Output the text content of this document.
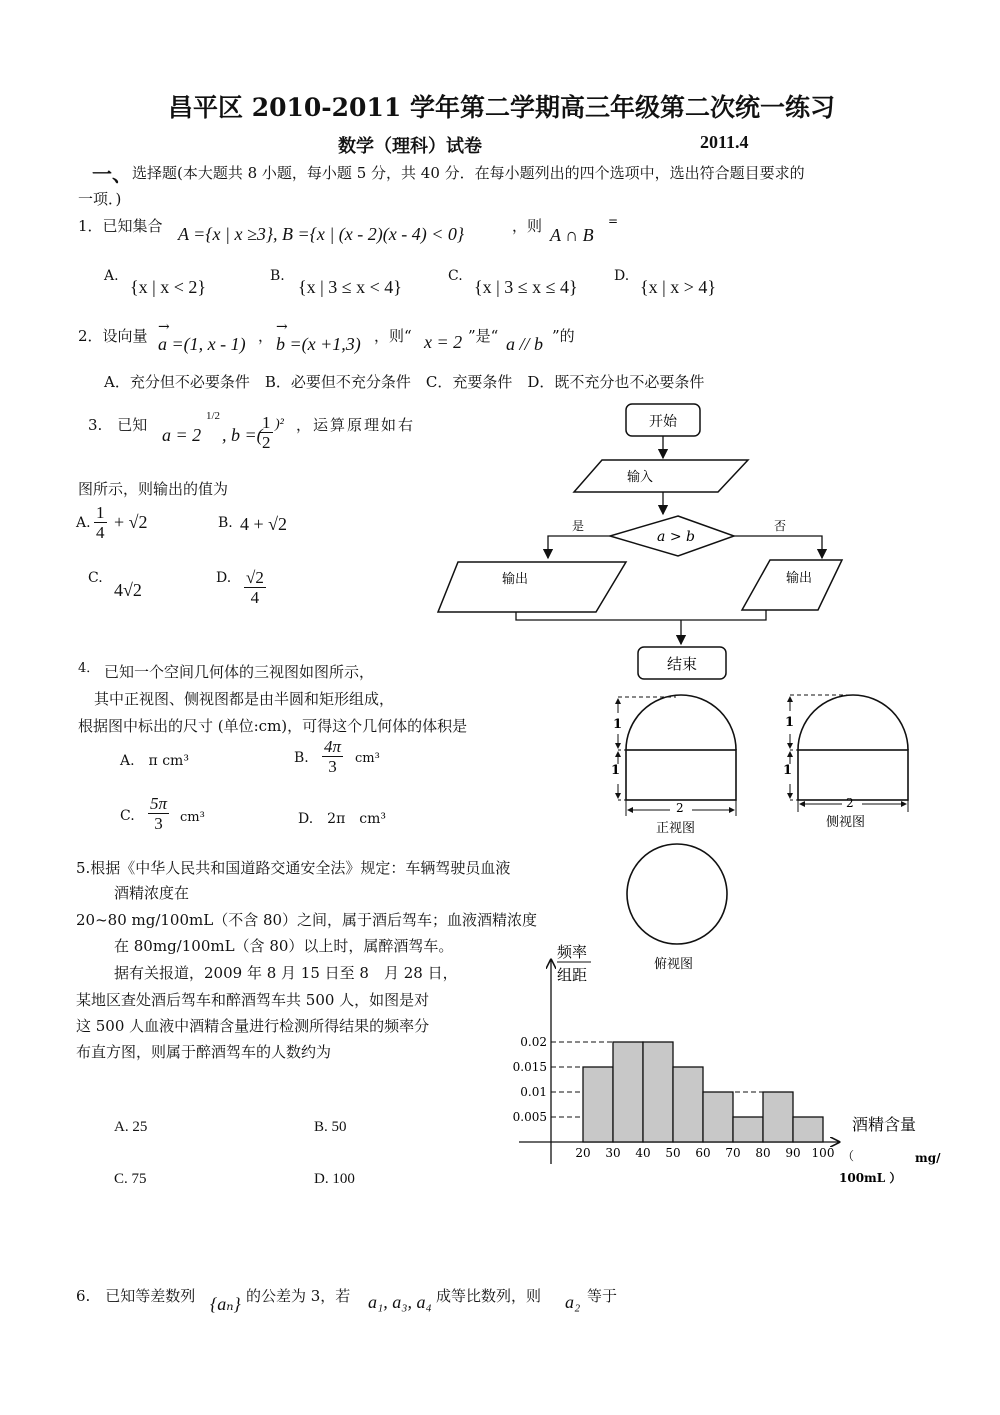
昌平区 2010-2011 学年第二学期高三年级第二次统一练习
数学（理科）试卷	2011.4
一、 选择题(本大题共 8 小题，每小题 5 分，共 40 分．在每小题列出的四个选项中，选出符合题目要求的
一项．)
1．已知集合 A ={x | x ≥3}, B ={x | (x - 2)(x - 4) < 0}	，则 A ∩ B
=
A.
{x | x < 2}
B.
{x | 3 ≤ x < 4}
C.
{x | 3 ≤ x ≤ 4}
D.
{x | x > 4}
2．设向量 a =(1, x - 1)
→	， b =(x +1,3)
→	，则“ x = 2 ”是“ a // b ”的
A．充分但不必要条件　B．必要但不充分条件　C．充要条件　D．既不充分也不必要条件
3.　已知 a = 2
1/2
, b =(
$\frac{1}{2} )^2$ ，运算原理如右
图所示，则输出的值为
A. $\frac{1}{4} + √2$	B. 4 + √2
C.
4√2
D. $\frac{√2}{4}$
开始
输入
a > b
是	否
输出	输出
结束
4． 已知一个空间几何体的三视图如图所示，
其中正视图、侧视图都是由半圆和矩形组成，
根据图中标出的尺寸 (单位:cm)，可得这个几何体的体积是
A.　π cm³	B. $\frac{4\pi}{3} cm^3$
C. $\frac{5\pi}{3} cm^3$	D.　2π　cm³
1
1
2
正视图
1
1
2
侧视图
俯视图
5.根据《中华人民共和国道路交通安全法》规定：车辆驾驶员血液
酒精浓度在
20~80 mg/100mL（不含 80）之间，属于酒后驾车；血液酒精浓度
在 80mg/100mL（含 80）以上时，属醉酒驾车。
据有关报道，2009 年 8 月 15 日至 8　月 28 日，
某地区查处酒后驾车和醉酒驾车共 500 人，如图是对
这 500 人血液中酒精含量进行检测所得结果的频率分
布直方图，则属于醉酒驾车的人数约为
A. 25	B. 50
C. 75	D. 100
频率
组距
0.005
0.01
0.015
0.02
20 30 40 50 60 70 80 90 100
酒精含量
mg/
（
100mL ）
6.　已知等差数列 {aₙ} 的公差为 3，若 a₁, a₃, a₄ 成等比数列，则 a₂ 等于
